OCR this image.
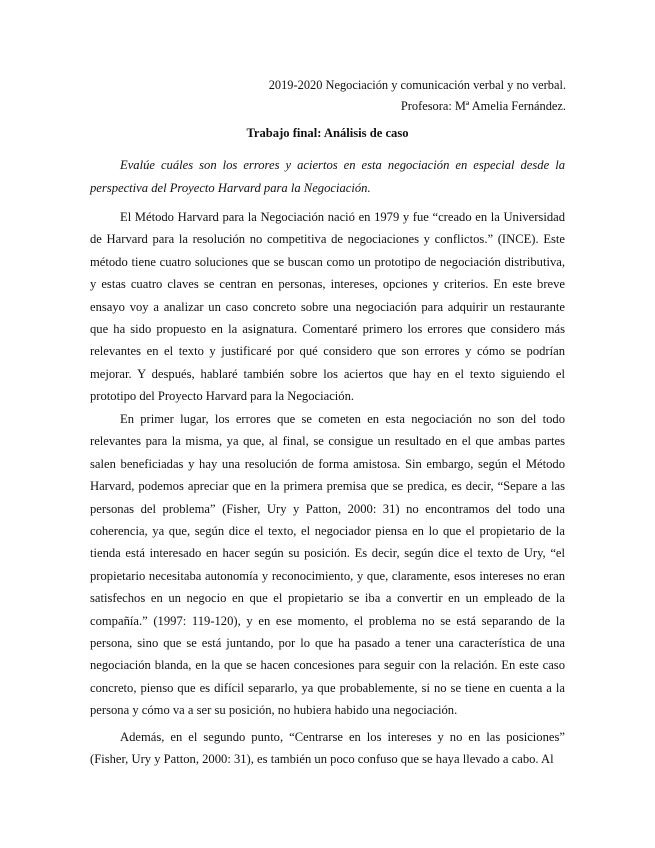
2019-2020 Negociación y comunicación verbal y no verbal.
Profesora: Mª Amelia Fernández.
Trabajo final: Análisis de caso

Evalúe cuáles son los errores y aciertos en esta negociación en especial desde la perspectiva del Proyecto Harvard para la Negociación.

El Método Harvard para la Negociación nació en 1979 y fue “creado en la Universidad de Harvard para la resolución no competitiva de negociaciones y conflictos.” (INCE). Este método tiene cuatro soluciones que se buscan como un prototipo de negociación distributiva, y estas cuatro claves se centran en personas, intereses, opciones y criterios. En este breve ensayo voy a analizar un caso concreto sobre una negociación para adquirir un restaurante que ha sido propuesto en la asignatura. Comentaré primero los errores que considero más relevantes en el texto y justificaré por qué considero que son errores y cómo se podrían mejorar. Y después, hablaré también sobre los aciertos que hay en el texto siguiendo el prototipo del Proyecto Harvard para la Negociación.

En primer lugar, los errores que se cometen en esta negociación no son del todo relevantes para la misma, ya que, al final, se consigue un resultado en el que ambas partes salen beneficiadas y hay una resolución de forma amistosa. Sin embargo, según el Método Harvard, podemos apreciar que en la primera premisa que se predica, es decir, “Separe a las personas del problema” (Fisher, Ury y Patton, 2000: 31) no encontramos del todo una coherencia, ya que, según dice el texto, el negociador piensa en lo que el propietario de la tienda está interesado en hacer según su posición. Es decir, según dice el texto de Ury, “el propietario necesitaba autonomía y reconocimiento, y que, claramente, esos intereses no eran satisfechos en un negocio en que el propietario se iba a convertir en un empleado de la compañía.” (1997: 119-120), y en ese momento, el problema no se está separando de la persona, sino que se está juntando, por lo que ha pasado a tener una característica de una negociación blanda, en la que se hacen concesiones para seguir con la relación. En este caso concreto, pienso que es difícil separarlo, ya que probablemente, si no se tiene en cuenta a la persona y cómo va a ser su posición, no hubiera habido una negociación.

Además, en el segundo punto, “Centrarse en los intereses y no en las posiciones” (Fisher, Ury y Patton, 2000: 31), es también un poco confuso que se haya llevado a cabo. Al
